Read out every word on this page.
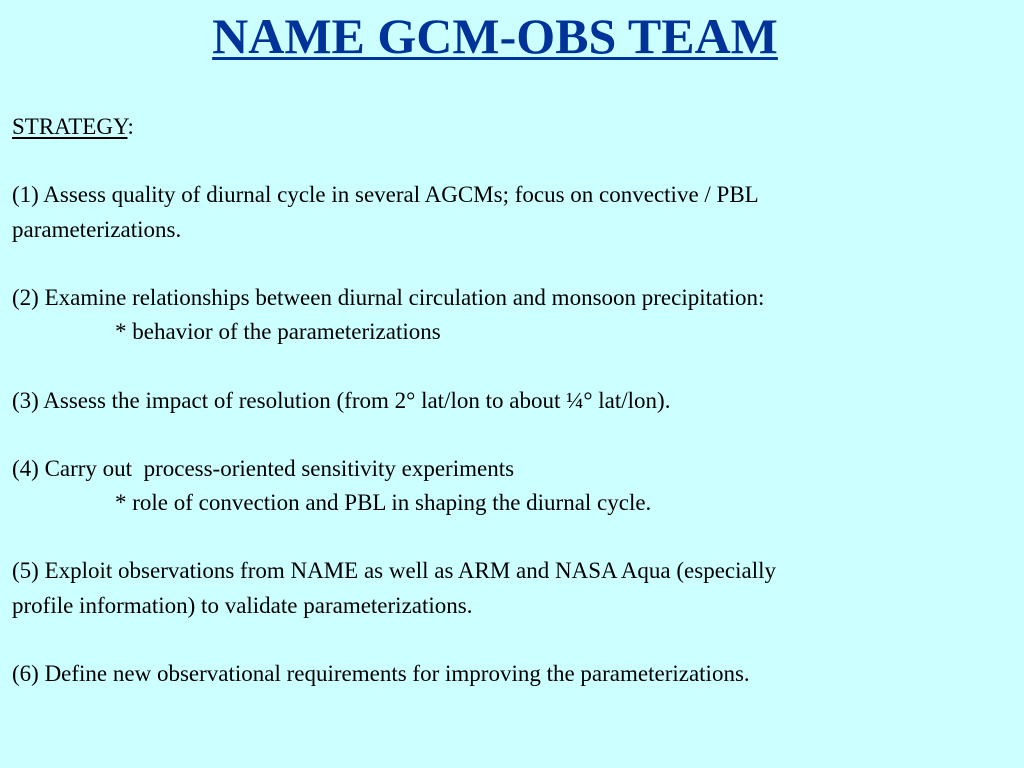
NAME GCM-OBS TEAM
STRATEGY:
(1) Assess quality of diurnal cycle in several AGCMs; focus on convective / PBL
parameterizations.
(2) Examine relationships between diurnal circulation and monsoon precipitation:
* behavior of the parameterizations
(3) Assess the impact of resolution (from 2° lat/lon to about ¼° lat/lon).
(4) Carry out  process-oriented sensitivity experiments
* role of convection and PBL in shaping the diurnal cycle.
(5) Exploit observations from NAME as well as ARM and NASA Aqua (especially
profile information) to validate parameterizations.
(6) Define new observational requirements for improving the parameterizations.
